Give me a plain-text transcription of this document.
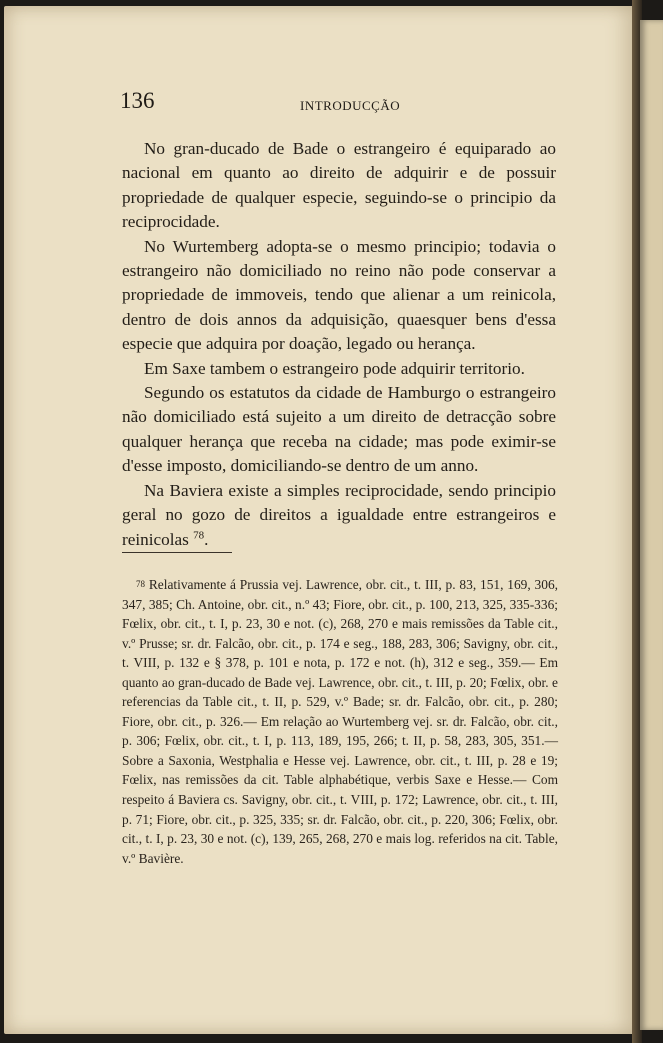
136	INTRODUCÇÃO

No gran-ducado de Bade o estrangeiro é equiparado ao nacional em quanto ao direito de adquirir e de possuir propriedade de qualquer especie, seguindo-se o principio da reciprocidade.

No Wurtemberg adopta-se o mesmo principio; todavia o estrangeiro não domiciliado no reino não pode conservar a propriedade de immoveis, tendo que alienar a um reinicola, dentro de dois annos da adquisição, quaesquer bens d'essa especie que adquira por doação, legado ou herança.

Em Saxe tambem o estrangeiro pode adquirir territorio.

Segundo os estatutos da cidade de Hamburgo o estrangeiro não domiciliado está sujeito a um direito de detracção sobre qualquer herança que receba na cidade; mas pode eximir-se d'esse imposto, domiciliando-se dentro de um anno.

Na Baviera existe a simples reciprocidade, sendo principio geral no gozo de direitos a igualdade entre estrangeiros e reinicolas $^{78}$.

$^{78}$ Relativamente á Prussia vej. Lawrence, obr. cit., t. III, p. 83, 151, 169, 306, 347, 385; Ch. Antoine, obr. cit., n.º 43; Fiore, obr. cit., p. 100, 213, 325, 335-336; Fœlix, obr. cit., t. I, p. 23, 30 e not. (c), 268, 270 e mais remissões da Table cit., v.º Prusse; sr. dr. Falcão, obr. cit., p. 174 e seg., 188, 283, 306; Savigny, obr. cit., t. VIII, p. 132 e § 378, p. 101 e nota, p. 172 e not. (h), 312 e seg., 359.— Em quanto ao gran-ducado de Bade vej. Lawrence, obr. cit., t. III, p. 20; Fœlix, obr. e referencias da Table cit., t. II, p. 529, v.º Bade; sr. dr. Falcão, obr. cit., p. 280; Fiore, obr. cit., p. 326.— Em relação ao Wurtemberg vej. sr. dr. Falcão, obr. cit., p. 306; Fœlix, obr. cit., t. I, p. 113, 189, 195, 266; t. II, p. 58, 283, 305, 351.— Sobre a Saxonia, Westphalia e Hesse vej. Lawrence, obr. cit., t. III, p. 28 e 19; Fœlix, nas remissões da cit. Table alphabétique, verbis Saxe e Hesse.— Com respeito á Baviera cs. Savigny, obr. cit., t. VIII, p. 172; Lawrence, obr. cit., t. III, p. 71; Fiore, obr. cit., p. 325, 335; sr. dr. Falcão, obr. cit., p. 220, 306; Fœlix, obr. cit., t. I, p. 23, 30 e not. (c), 139, 265, 268, 270 e mais log. referidos na cit. Table, v.º Bavière.
